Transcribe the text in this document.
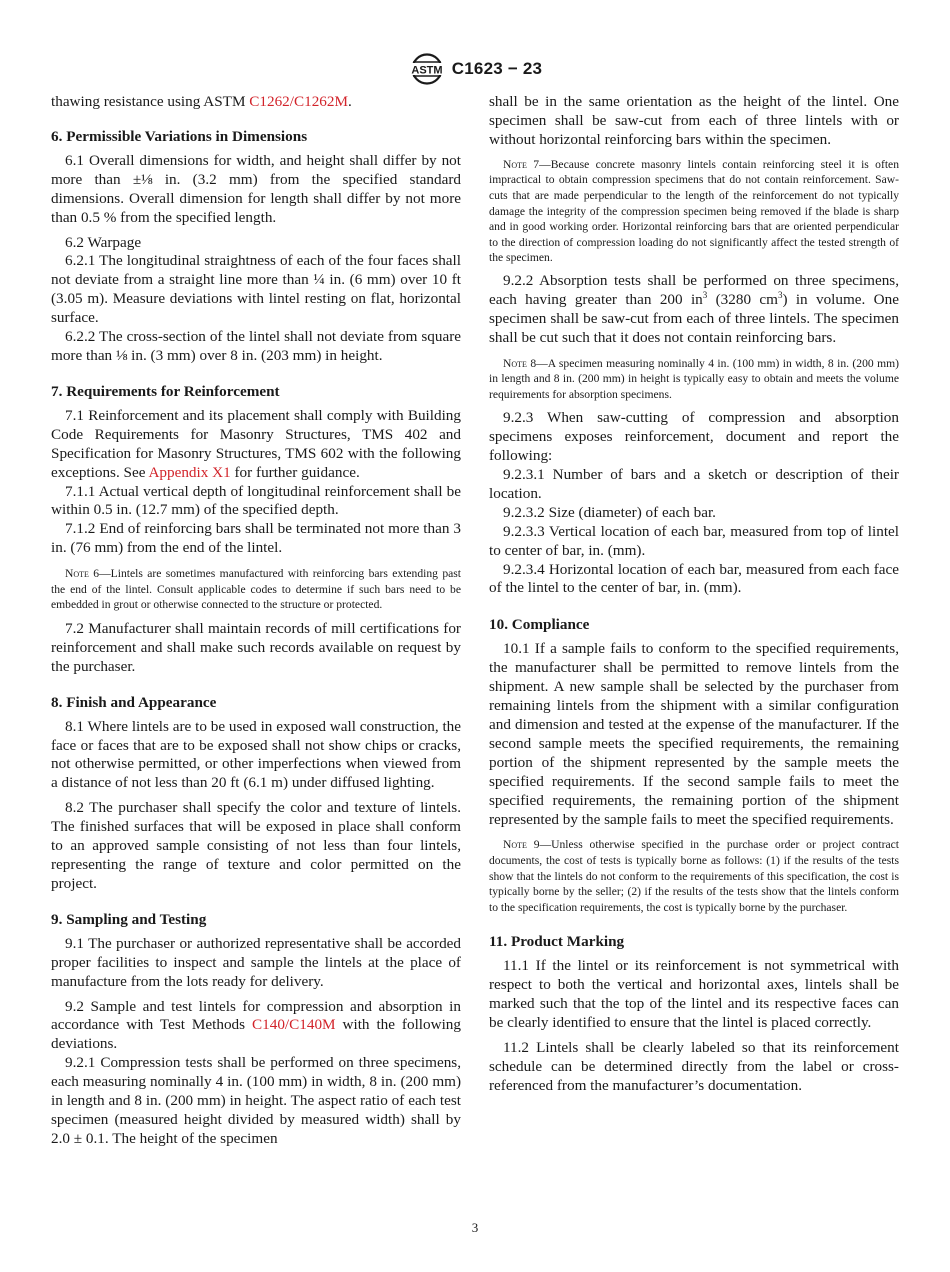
ASTM C1623 − 23

thawing resistance using ASTM C1262/C1262M.

6. Permissible Variations in Dimensions

6.1 Overall dimensions for width, and height shall differ by not more than ±⅛ in. (3.2 mm) from the specified standard dimensions. Overall dimension for length shall differ by not more than 0.5 % from the specified length.

6.2 Warpage

6.2.1 The longitudinal straightness of each of the four faces shall not deviate from a straight line more than ¼ in. (6 mm) over 10 ft (3.05 m). Measure deviations with lintel resting on flat, horizontal surface.

6.2.2 The cross-section of the lintel shall not deviate from square more than ⅛ in. (3 mm) over 8 in. (203 mm) in height.

7. Requirements for Reinforcement

7.1 Reinforcement and its placement shall comply with Building Code Requirements for Masonry Structures, TMS 402 and Specification for Masonry Structures, TMS 602 with the following exceptions. See Appendix X1 for further guidance.

7.1.1 Actual vertical depth of longitudinal reinforcement shall be within 0.5 in. (12.7 mm) of the specified depth.

7.1.2 End of reinforcing bars shall be terminated not more than 3 in. (76 mm) from the end of the lintel.

Note 6—Lintels are sometimes manufactured with reinforcing bars extending past the end of the lintel. Consult applicable codes to determine if such bars need to be embedded in grout or otherwise connected to the structure or protected.

7.2 Manufacturer shall maintain records of mill certifications for reinforcement and shall make such records available on request by the purchaser.

8. Finish and Appearance

8.1 Where lintels are to be used in exposed wall construction, the face or faces that are to be exposed shall not show chips or cracks, not otherwise permitted, or other imperfections when viewed from a distance of not less than 20 ft (6.1 m) under diffused lighting.

8.2 The purchaser shall specify the color and texture of lintels. The finished surfaces that will be exposed in place shall conform to an approved sample consisting of not less than four lintels, representing the range of texture and color permitted on the project.

9. Sampling and Testing

9.1 The purchaser or authorized representative shall be accorded proper facilities to inspect and sample the lintels at the place of manufacture from the lots ready for delivery.

9.2 Sample and test lintels for compression and absorption in accordance with Test Methods C140/C140M with the following deviations.

9.2.1 Compression tests shall be performed on three specimens, each measuring nominally 4 in. (100 mm) in width, 8 in. (200 mm) in length and 8 in. (200 mm) in height. The aspect ratio of each test specimen (measured height divided by measured width) shall by 2.0 ± 0.1. The height of the specimen

shall be in the same orientation as the height of the lintel. One specimen shall be saw-cut from each of three lintels with or without horizontal reinforcing bars within the specimen.

Note 7—Because concrete masonry lintels contain reinforcing steel it is often impractical to obtain compression specimens that do not contain reinforcement. Saw-cuts that are made perpendicular to the length of the reinforcement do not typically damage the integrity of the compression specimen being removed if the blade is sharp and in good working order. Horizontal reinforcing bars that are oriented perpendicular to the direction of compression loading do not significantly affect the tested strength of the specimen.

9.2.2 Absorption tests shall be performed on three specimens, each having greater than 200 $in^3$ (3280 $cm^3$) in volume. One specimen shall be saw-cut from each of three lintels. The specimen shall be cut such that it does not contain reinforcing bars.

Note 8—A specimen measuring nominally 4 in. (100 mm) in width, 8 in. (200 mm) in length and 8 in. (200 mm) in height is typically easy to obtain and meets the volume requirements for absorption specimens.

9.2.3 When saw-cutting of compression and absorption specimens exposes reinforcement, document and report the following:

9.2.3.1 Number of bars and a sketch or description of their location.

9.2.3.2 Size (diameter) of each bar.

9.2.3.3 Vertical location of each bar, measured from top of lintel to center of bar, in. (mm).

9.2.3.4 Horizontal location of each bar, measured from each face of the lintel to the center of bar, in. (mm).

10. Compliance

10.1 If a sample fails to conform to the specified requirements, the manufacturer shall be permitted to remove lintels from the shipment. A new sample shall be selected by the purchaser from remaining lintels from the shipment with a similar configuration and dimension and tested at the expense of the manufacturer. If the second sample meets the specified requirements, the remaining portion of the shipment represented by the sample meets the specified requirements. If the second sample fails to meet the specified requirements, the remaining portion of the shipment represented by the sample fails to meet the specified requirements.

Note 9—Unless otherwise specified in the purchase order or project contract documents, the cost of tests is typically borne as follows: (1) if the results of the tests show that the lintels do not conform to the requirements of this specification, the cost is typically borne by the seller; (2) if the results of the tests show that the lintels conform to the specification requirements, the cost is typically borne by the purchaser.

11. Product Marking

11.1 If the lintel or its reinforcement is not symmetrical with respect to both the vertical and horizontal axes, lintels shall be marked such that the top of the lintel and its respective faces can be clearly identified to ensure that the lintel is placed correctly.

11.2 Lintels shall be clearly labeled so that its reinforcement schedule can be determined directly from the label or cross-referenced from the manufacturer’s documentation.

3
